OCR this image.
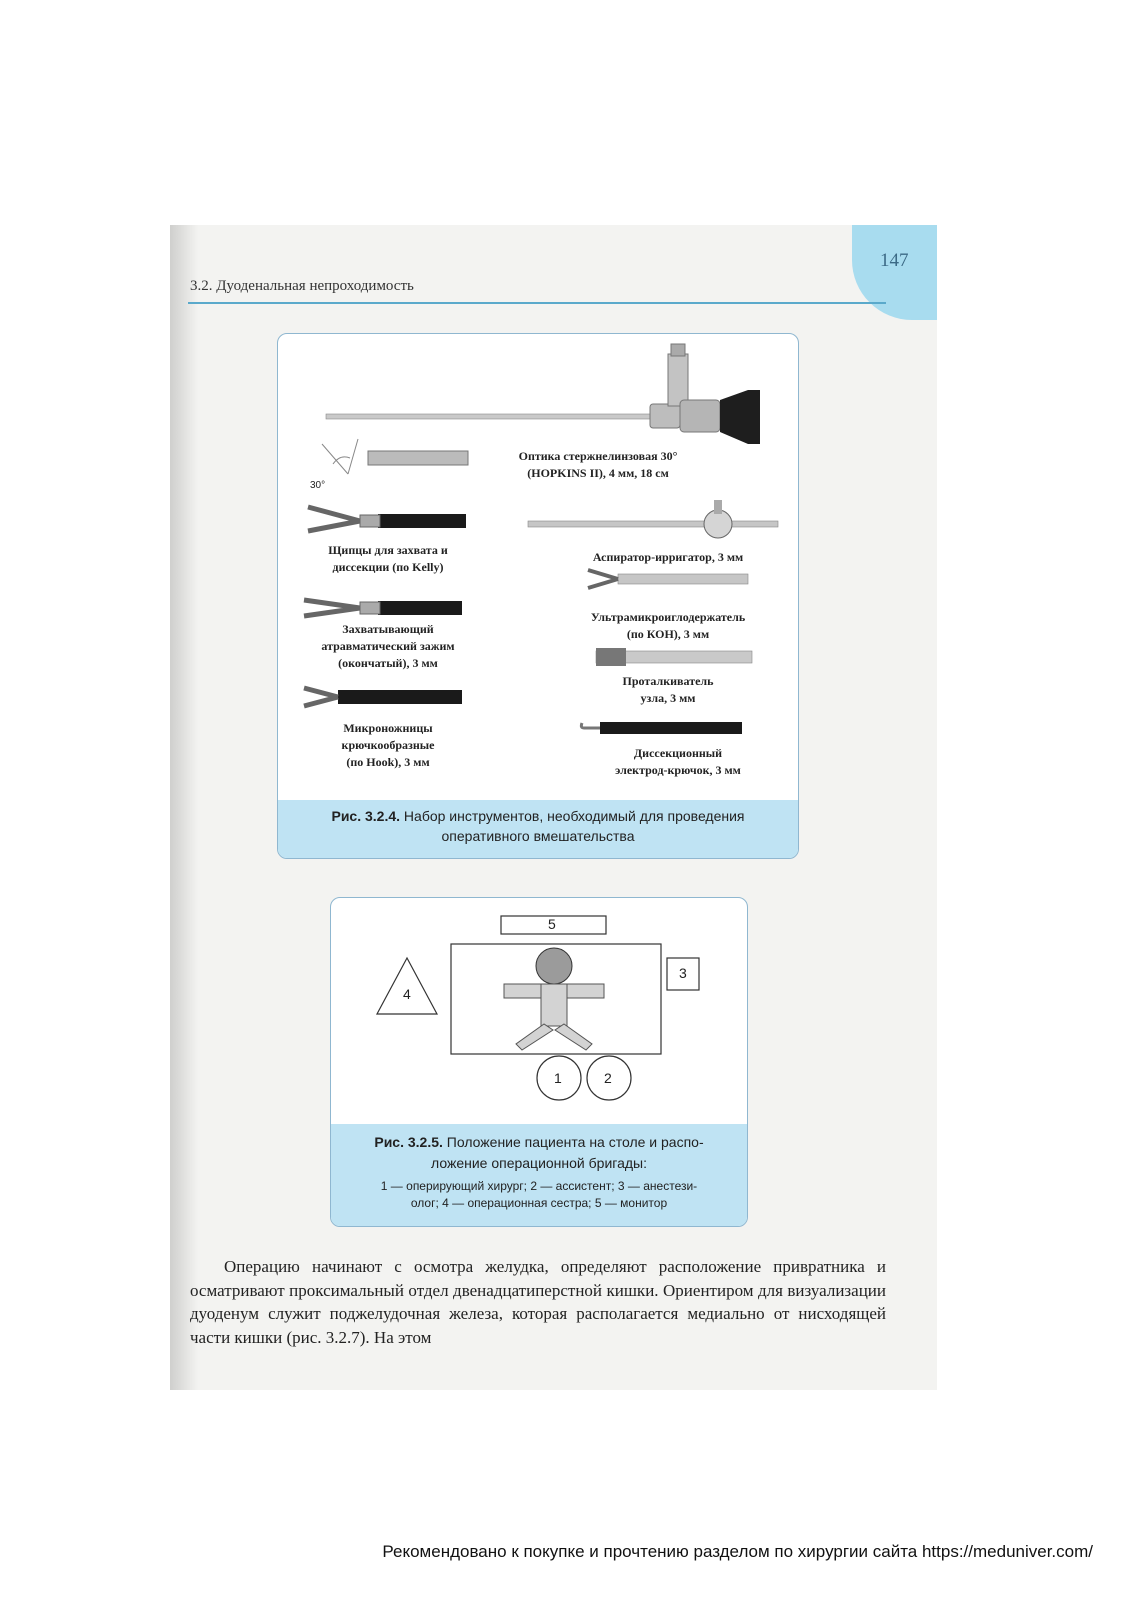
147
3.2. Дуоденальная непроходимость
30°
Оптика стержнелинзовая 30°
(HOPKINS II), 4 мм, 18 см
Щипцы для захвата и
диссекции (по Kelly)
Захватывающий
атравматический зажим
(окончатый), 3 мм
Микроножницы
крючкообразные
(по Hook), 3 мм
Аспиратор-ирригатор, 3 мм
Ультрамикроиглодержатель
(по КОН), 3 мм
Проталкиватель
узла, 3 мм
Диссекционный
электрод-крючок, 3 мм
Рис. 3.2.4. Набор инструментов, необходимый для проведения
оперативного вмешательства
5
3
4
1	2
Рис. 3.2.5. Положение пациента на столе и распо-
ложение операционной бригады:
1 — оперирующий хирург; 2 — ассистент; 3 — анестези-
олог; 4 — операционная сестра; 5 — монитор
Операцию начинают с осмотра желудка, определяют расположение привратника и осматривают проксимальный отдел двенадцатиперстной кишки. Ориентиром для визуализации дуоденум служит поджелудочная железа, которая располагается медиально от нисходящей части кишки (рис. 3.2.7). На этом
Рекомендовано к покупке и прочтению разделом по хирургии сайта https://meduniver.com/
